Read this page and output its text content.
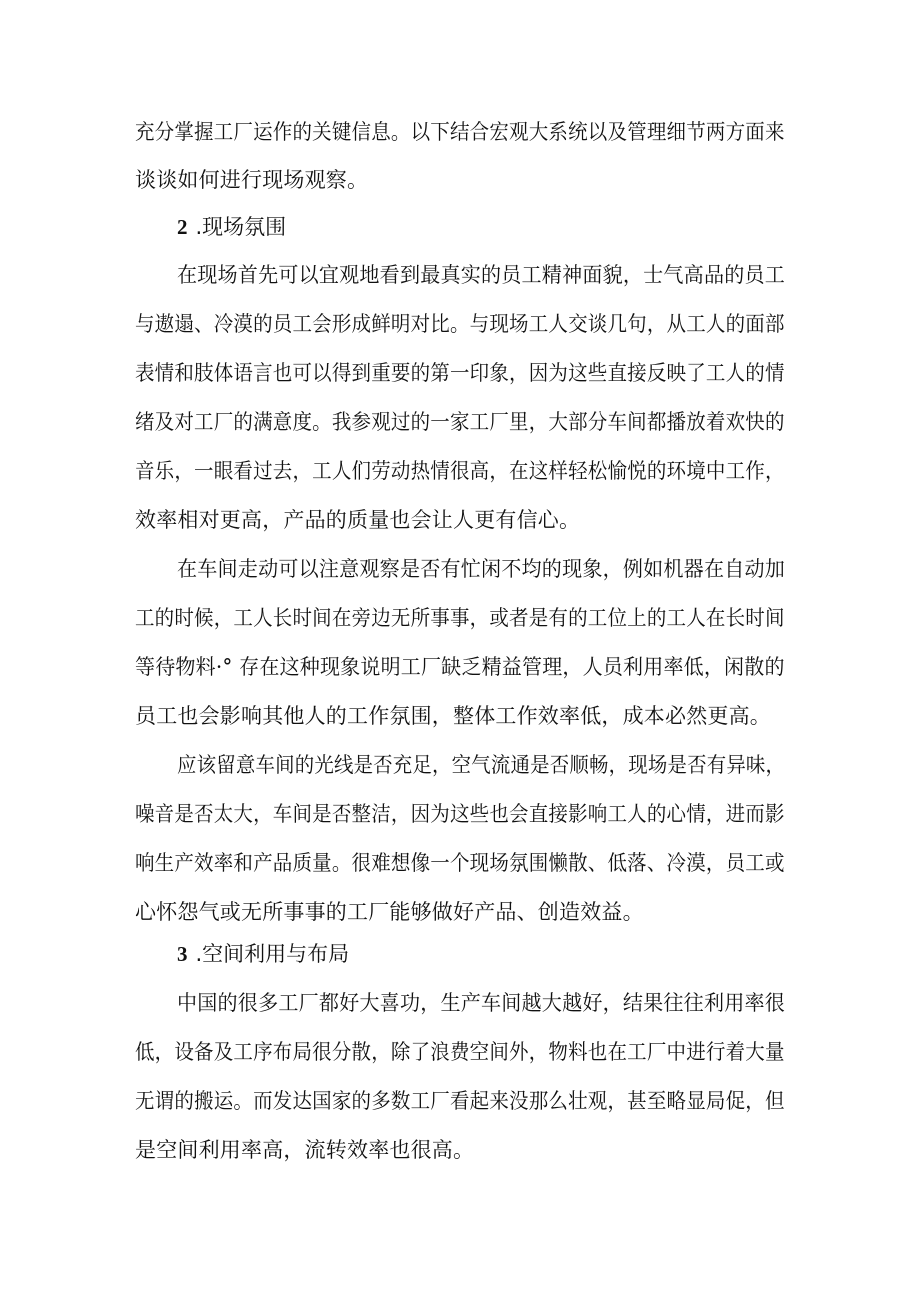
充分掌握工厂运作的关键信息。以下结合宏观大系统以及管理细节两方面来
谈谈如何进行现场观察。
2 .现场氛围
在现场首先可以宜观地看到最真实的员工精神面貌，士气高品的员工
与遨遢、冷漠的员工会形成鲜明对比。与现场工人交谈几句，从工人的面部
表情和肢体语言也可以得到重要的第一印象，因为这些直接反映了工人的情
绪及对工厂的满意度。我参观过的一家工厂里，大部分车间都播放着欢快的
音乐，一眼看过去，工人们劳动热情很高，在这样轻松愉悦的环境中工作，
效率相对更高，产品的质量也会让人更有信心。
在车间走动可以注意观察是否有忙闲不均的现象，例如机器在自动加
工的时候，工人长时间在旁边无所事事，或者是有的工位上的工人在长时间
等待物料·° 存在这种现象说明工厂缺乏精益管理，人员利用率低，闲散的
员工也会影响其他人的工作氛围，整体工作效率低，成本必然更高。
应该留意车间的光线是否充足，空气流通是否顺畅，现场是否有异味，
噪音是否太大，车间是否整洁，因为这些也会直接影响工人的心情，进而影
响生产效率和产品质量。很难想像一个现场氛围懒散、低落、冷漠，员工或
心怀怨气或无所事事的工厂能够做好产品、创造效益。
3 .空间利用与布局
中国的很多工厂都好大喜功，生产车间越大越好，结果往往利用率很
低，设备及工序布局很分散，除了浪费空间外，物料也在工厂中进行着大量
无谓的搬运。而发达国家的多数工厂看起来没那么壮观，甚至略显局促，但
是空间利用率高，流转效率也很高。
